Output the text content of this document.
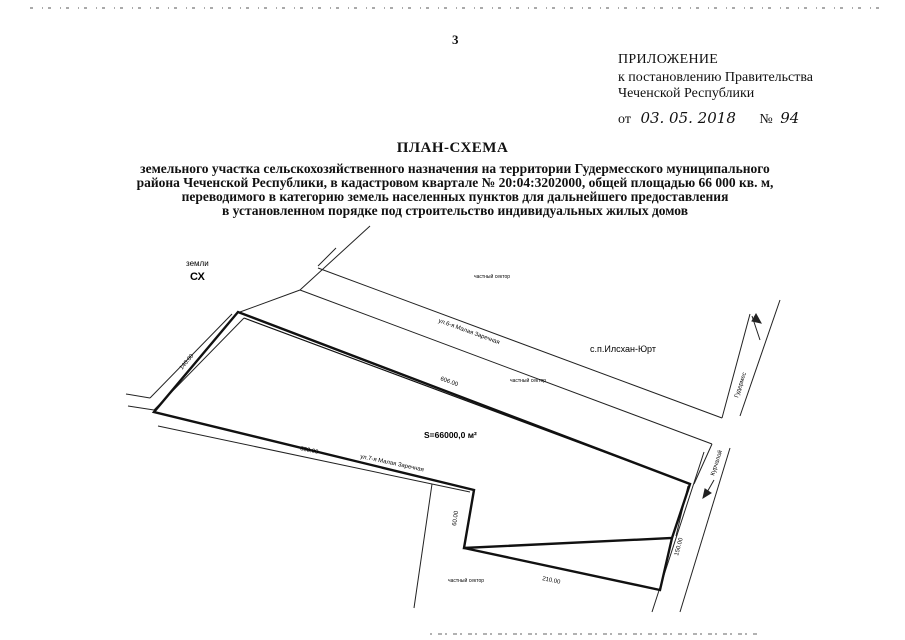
3
ПРИЛОЖЕНИЕ
к постановлению Правительства
Чеченской Республики
от 03. 05. 2018 № 94
ПЛАН-СХЕМА
земельного участка сельскохозяйственного назначения на территории Гудермесского муниципального
района Чеченской Республики, в кадастровом квартале № 20:04:3202000, общей площадью 66 000 кв. м,
переводимого в категорию земель населенных пунктов для дальнейшего предоставления
в установленном порядке под строительство индивидуальных жилых домов
земли
СХ
с.п.Илсхан-Юрт
S=66000,0 м²
ул.6-я Малая Заречная
ул.7-я Малая Заречная
Гудермес
Курчалой
частный сектор
частный сектор
частный сектор
140.00
606.00
358.00
60.00
150.00
210.00
